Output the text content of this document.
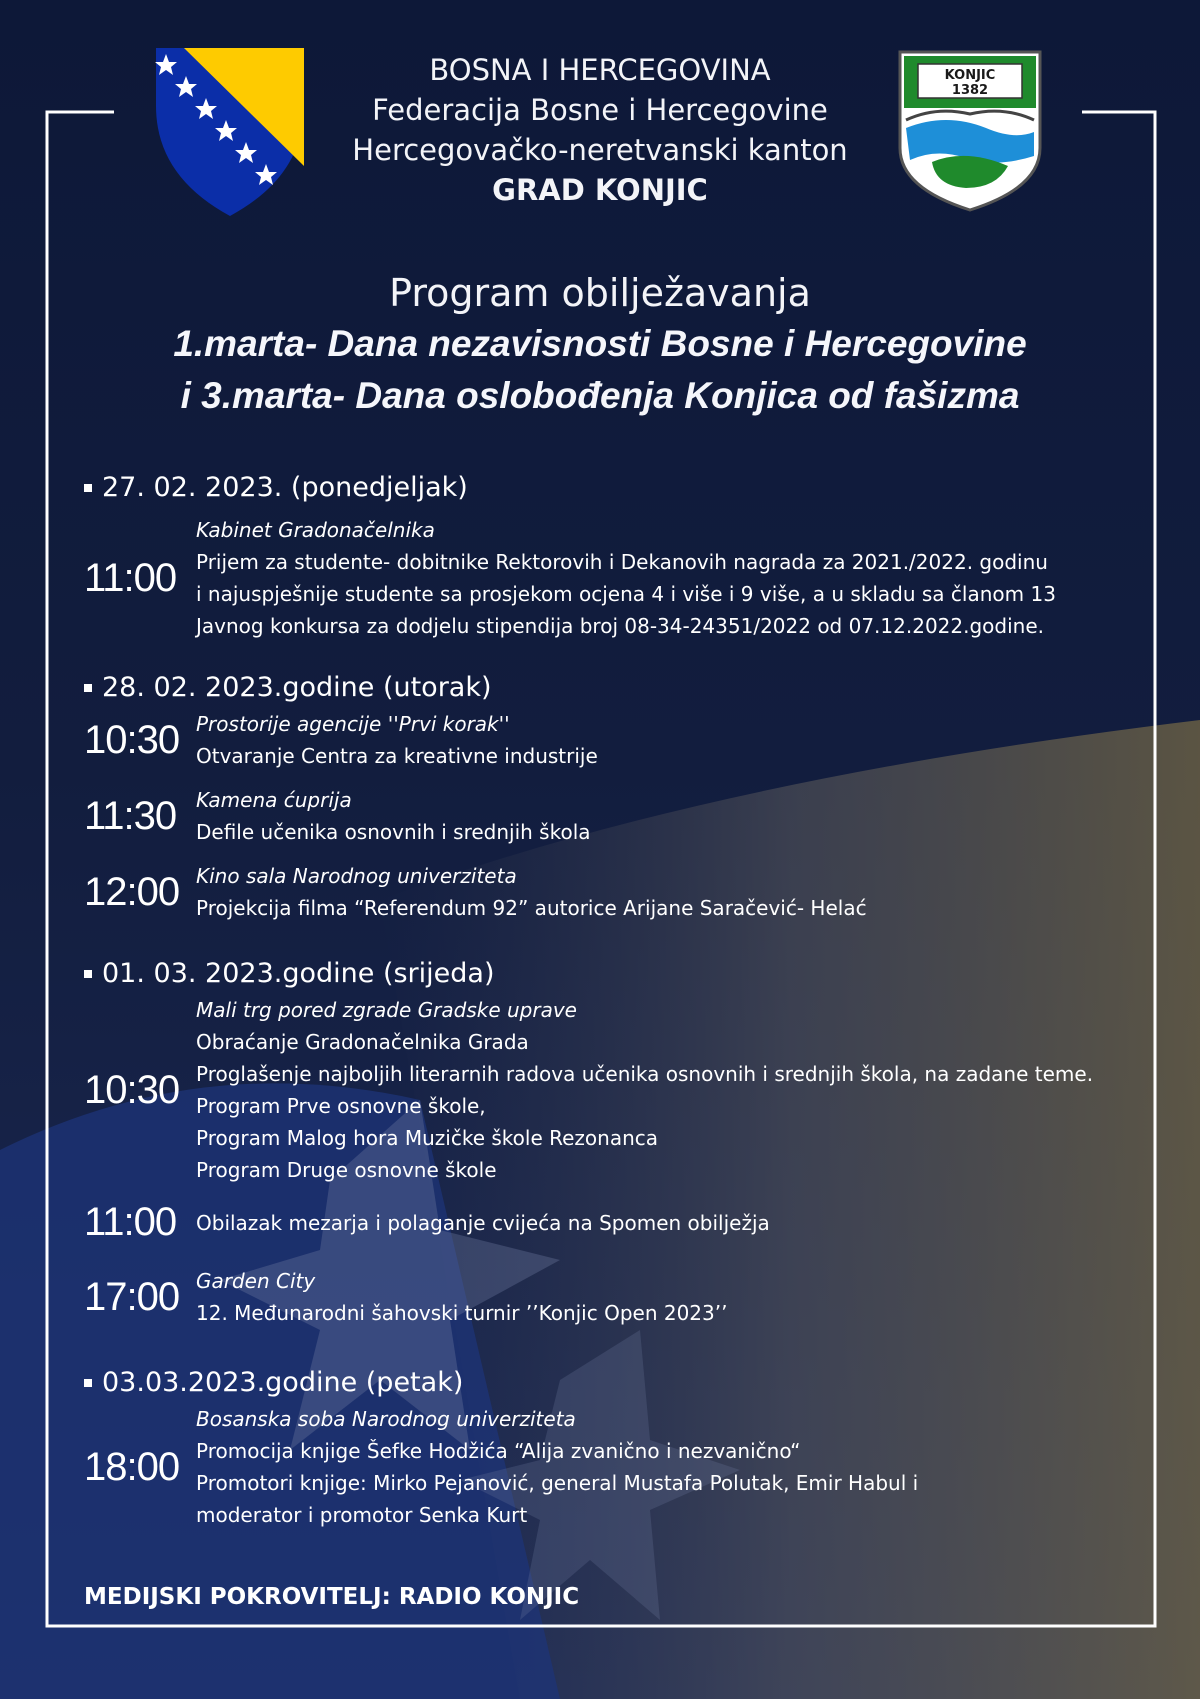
KONJIC
1382
BOSNA I HERCEGOVINA
Federacija Bosne i Hercegovine
Hercegovačko-neretvanski kanton
GRAD KONJIC
Program obilježavanja
1.marta- Dana nezavisnosti Bosne i Hercegovine
i 3.marta- Dana oslobođenja Konjica od fašizma
27. 02. 2023. (ponedjeljak)
11:00
Kabinet Gradonačelnika
Prijem za studente- dobitnike Rektorovih i Dekanovih nagrada za 2021./2022. godinu
i najuspješnije studente sa prosjekom ocjena 4 i više i 9 više, a u skladu sa članom 13
Javnog konkursa za dodjelu stipendija broj 08-34-24351/2022 od 07.12.2022.godine.
28. 02. 2023.godine (utorak)
10:30 Prostorije agencije ''Prvi korak''
Otvaranje Centra za kreativne industrije
11:30 Kamena ćuprija
Defile učenika osnovnih i srednjih škola
12:00 Kino sala Narodnog univerziteta
Projekcija filma “Referendum 92” autorice Arijane Saračević- Helać
01. 03. 2023.godine (srijeda)
10:30
Mali trg pored zgrade Gradske uprave
Obraćanje Gradonačelnika Grada
Proglašenje najboljih literarnih radova učenika osnovnih i srednjih škola, na zadane teme.
Program Prve osnovne škole,
Program Malog hora Muzičke škole Rezonanca
Program Druge osnovne škole
11:00 Obilazak mezarja i polaganje cvijeća na Spomen obilježja
17:00 Garden City
12. Međunarodni šahovski turnir ’’Konjic Open 2023’’
03.03.2023.godine (petak)
18:00
Bosanska soba Narodnog univerziteta
Promocija knjige Šefke Hodžića “Alija zvanično i nezvanično“
Promotori knjige: Mirko Pejanović, general Mustafa Polutak, Emir Habul i
moderator i promotor Senka Kurt
MEDIJSKI POKROVITELJ: RADIO KONJIC
